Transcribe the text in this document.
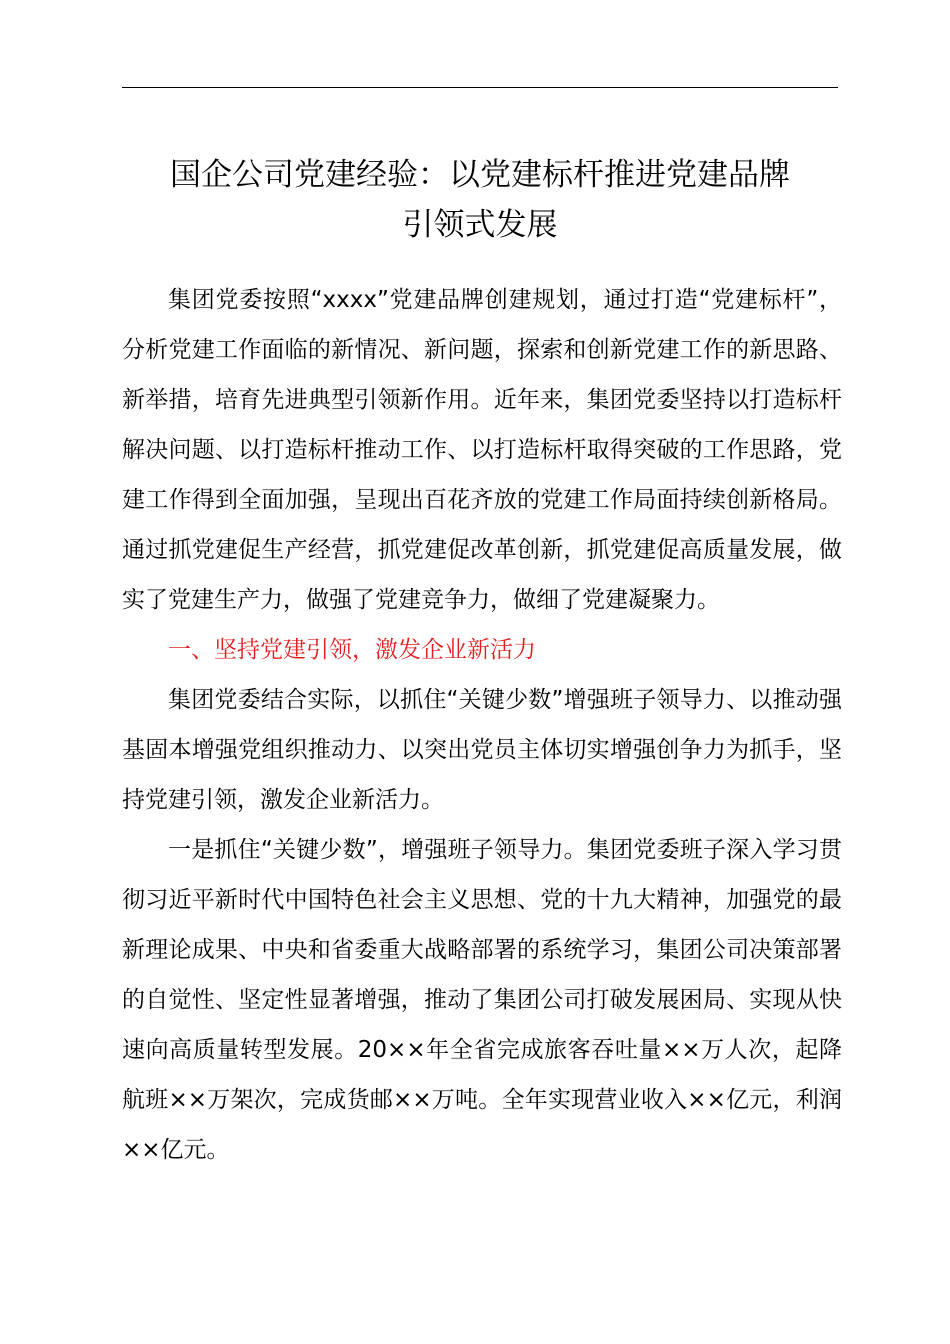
国企公司党建经验：以党建标杆推进党建品牌
引领式发展

集团党委按照“xxxx”党建品牌创建规划，通过打造“党建标杆”，分析党建工作面临的新情况、新问题，探索和创新党建工作的新思路、新举措，培育先进典型引领新作用。近年来，集团党委坚持以打造标杆解决问题、以打造标杆推动工作、以打造标杆取得突破的工作思路，党建工作得到全面加强，呈现出百花齐放的党建工作局面持续创新格局。通过抓党建促生产经营，抓党建促改革创新，抓党建促高质量发展，做实了党建生产力，做强了党建竞争力，做细了党建凝聚力。

一、坚持党建引领，激发企业新活力

集团党委结合实际，以抓住“关键少数”增强班子领导力、以推动强基固本增强党组织推动力、以突出党员主体切实增强创争力为抓手，坚持党建引领，激发企业新活力。

一是抓住“关键少数”，增强班子领导力。集团党委班子深入学习贯彻习近平新时代中国特色社会主义思想、党的十九大精神，加强党的最新理论成果、中央和省委重大战略部署的系统学习，集团公司决策部署的自觉性、坚定性显著增强，推动了集团公司打破发展困局、实现从快速向高质量转型发展。20××年全省完成旅客吞吐量××万人次，起降航班××万架次，完成货邮××万吨。全年实现营业收入××亿元，利润××亿元。
